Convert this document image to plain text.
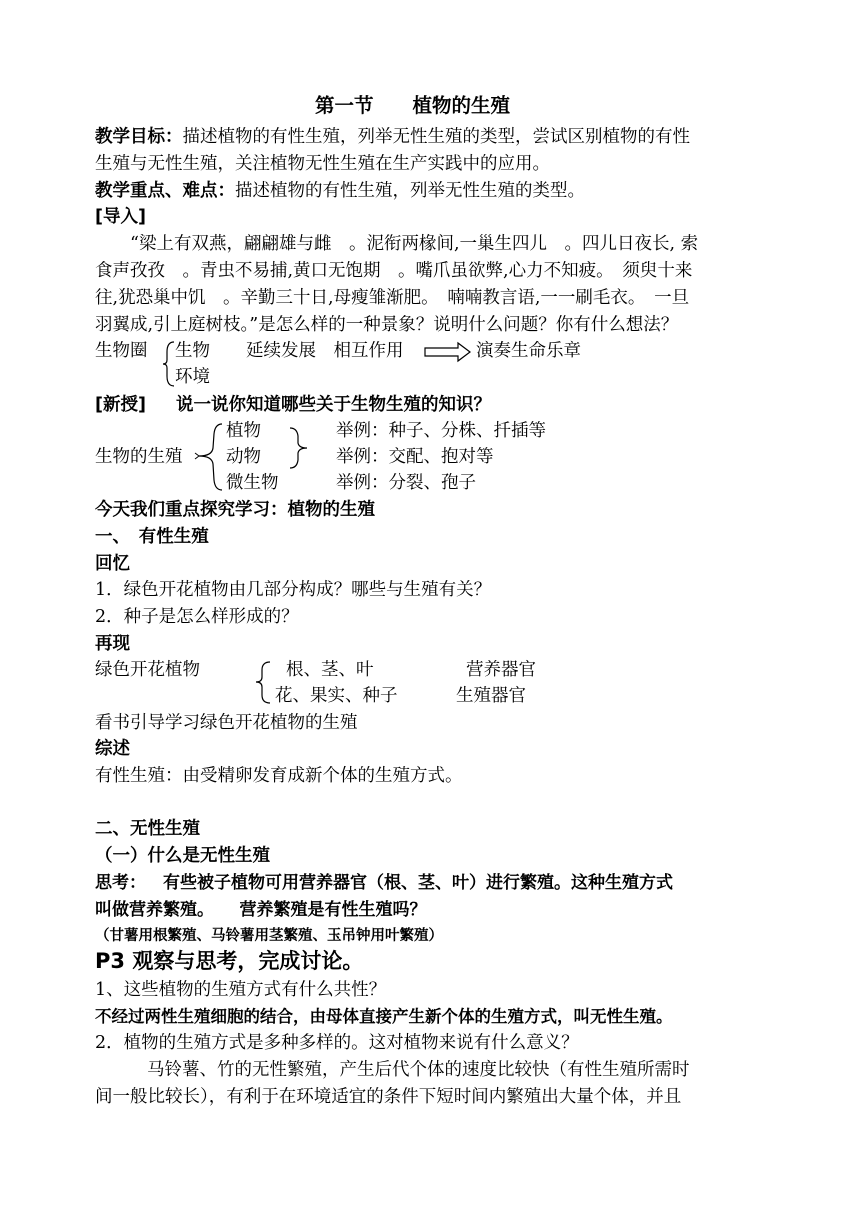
第一节　　植物的生殖
教学目标：描述植物的有性生殖，列举无性生殖的类型，尝试区别植物的有性
生殖与无性生殖，关注植物无性生殖在生产实践中的应用。
教学重点、难点：描述植物的有性生殖，列举无性生殖的类型。
[导入]
“梁上有双燕，翩翩雄与雌　。泥衔两椽间,一巢生四儿　。四儿日夜长, 索
食声孜孜　。青虫不易捕,黄口无饱期　。嘴爪虽欲弊,心力不知疲。　须臾十来
往,犹恐巢中饥　。辛勤三十日,母瘦雏渐肥。　喃喃教言语,一一刷毛衣。　一旦
羽翼成,引上庭树枝。”是怎么样的一种景象？说明什么问题？你有什么想法？
生物圈 生物
环境
延续发展　相互作用	演奏生命乐章
[新授] 说一说你知道哪些关于生物生殖的知识？
生物的生殖
植物
动物
微生物
举例：种子、分株、扦插等
举例：交配、抱对等
举例：分裂、孢子
今天我们重点探究学习：植物的生殖
一、　有性生殖
回忆
1．绿色开花植物由几部分构成？哪些与生殖有关？
2．种子是怎么样形成的？
再现
绿色开花植物	根、茎、叶	营养器官
花、果实、种子	生殖器官
看书引导学习绿色开花植物的生殖
综述
有性生殖：由受精卵发育成新个体的生殖方式。
二、无性生殖
（一）什么是无性生殖
思考： 有些被子植物可用营养器官（根、茎、叶）进行繁殖。这种生殖方式
叫做营养繁殖。　　营养繁殖是有性生殖吗？
（甘薯用根繁殖、马铃薯用茎繁殖、玉吊钟用叶繁殖）
P3 观察与思考，完成讨论。
1、这些植物的生殖方式有什么共性？
不经过两性生殖细胞的结合，由母体直接产生新个体的生殖方式，叫无性生殖。
2．植物的生殖方式是多种多样的。这对植物来说有什么意义？
马铃薯、竹的无性繁殖，产生后代个体的速度比较快（有性生殖所需时
间一般比较长），有利于在环境适宜的条件下短时间内繁殖出大量个体，并且
